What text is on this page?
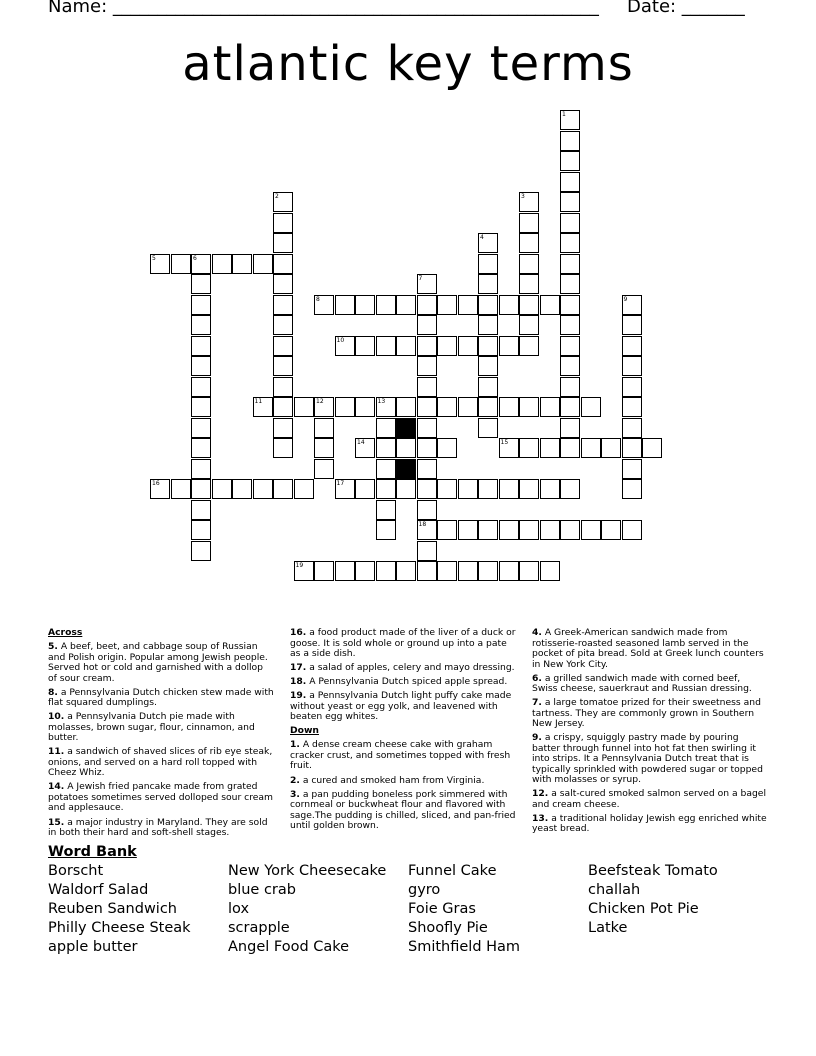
Name: ______________________________________________________ Date: _______
atlantic key terms
5	6
8
10
11	12	13
14	15
16	17
18
19
1
2	3
4
7
9

Across

5. A beef, beet, and cabbage soup of Russian and Polish origin. Popular among Jewish people. Served hot or cold and garnished with a dollop of sour cream.

8. a Pennsylvania Dutch chicken stew made with flat squared dumplings.

10. a Pennsylvania Dutch pie made with molasses, brown sugar, flour, cinnamon, and butter.

11. a sandwich of shaved slices of rib eye steak, onions, and served on a hard roll topped with Cheez Whiz.

14. A Jewish fried pancake made from grated potatoes sometimes served dolloped sour cream and applesauce.

15. a major industry in Maryland. They are sold in both their hard and soft-shell stages.

16. a food product made of the liver of a duck or goose. It is sold whole or ground up into a pate as a side dish.

17. a salad of apples, celery and mayo dressing.

18. A Pennsylvania Dutch spiced apple spread.

19. a Pennsylvania Dutch light puffy cake made without yeast or egg yolk, and leavened with beaten egg whites.

Down

1. A dense cream cheese cake with graham cracker crust, and sometimes topped with fresh fruit.

2. a cured and smoked ham from Virginia.

3. a pan pudding boneless pork simmered with cornmeal or buckwheat flour and flavored with sage.The pudding is chilled, sliced, and pan-fried until golden brown.

4. A Greek-American sandwich made from rotisserie-roasted seasoned lamb served in the pocket of pita bread. Sold at Greek lunch counters in New York City.

6. a grilled sandwich made with corned beef, Swiss cheese, sauerkraut and Russian dressing.

7. a large tomatoe prized for their sweetness and tartness. They are commonly grown in Southern New Jersey.

9. a crispy, squiggly pastry made by pouring batter through funnel into hot fat then swirling it into strips. It a Pennsylvania Dutch treat that is typically sprinkled with powdered sugar or topped with molasses or syrup.

12. a salt-cured smoked salmon served on a bagel and cream cheese.

13. a traditional holiday Jewish egg enriched white yeast bread.

Word Bank
Borscht
Waldorf Salad
Reuben Sandwich
Philly Cheese Steak
apple butter
New York Cheesecake
blue crab
lox
scrapple
Angel Food Cake
Funnel Cake
gyro
Foie Gras
Shoofly Pie
Smithfield Ham
Beefsteak Tomato
challah
Chicken Pot Pie
Latke
